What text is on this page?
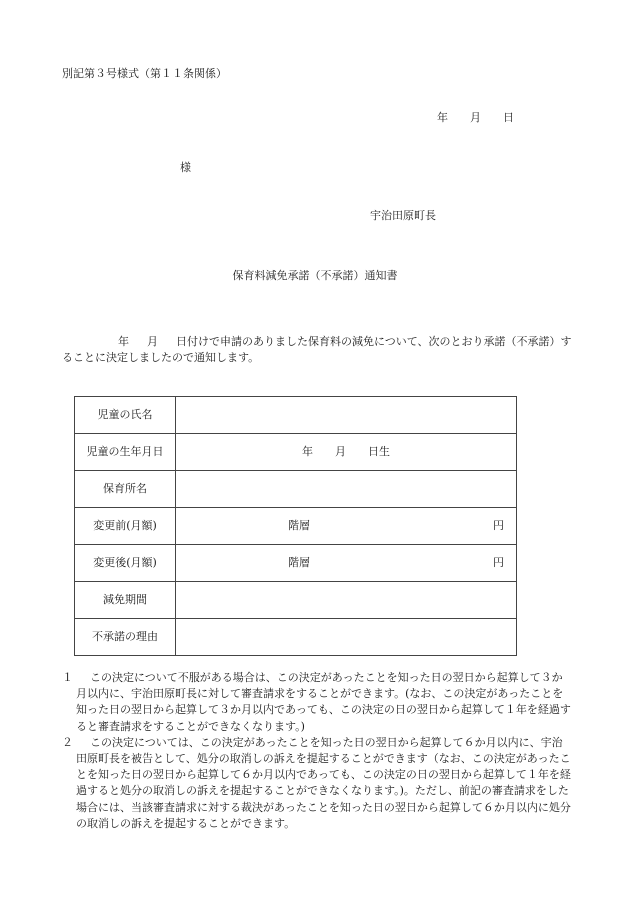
別記第３号様式（第１１条関係）
年 月 日
様
宇治田原町長
保育料減免承諾（不承諾）通知書
年 月 日付けで申請のありました保育料の減免について、次のとおり承諾（不承諾）することに決定しましたので通知します。
児童の氏名	
児童の生年月日	年 月 日生

保育所名	
変更前(月額)	階層 円

変更後(月額)	階層 円

減免期間	
不承諾の理由	
１	この決定について不服がある場合は、この決定があったことを知った日の翌日から起算して３か月以内に、宇治田原町長に対して審査請求をすることができます。(なお、この決定があったことを知った日の翌日から起算して３か月以内であっても、この決定の日の翌日から起算して１年を経過すると審査請求をすることができなくなります。)
２	この決定については、この決定があったことを知った日の翌日から起算して６か月以内に、宇治田原町長を被告として、処分の取消しの訴えを提起することができます（なお、この決定があったことを知った日の翌日から起算して６か月以内であっても、この決定の日の翌日から起算して１年を経過すると処分の取消しの訴えを提起することができなくなります。)。ただし、前記の審査請求をした場合には、当該審査請求に対する裁決があったことを知った日の翌日から起算して６か月以内に処分の取消しの訴えを提起することができます。
